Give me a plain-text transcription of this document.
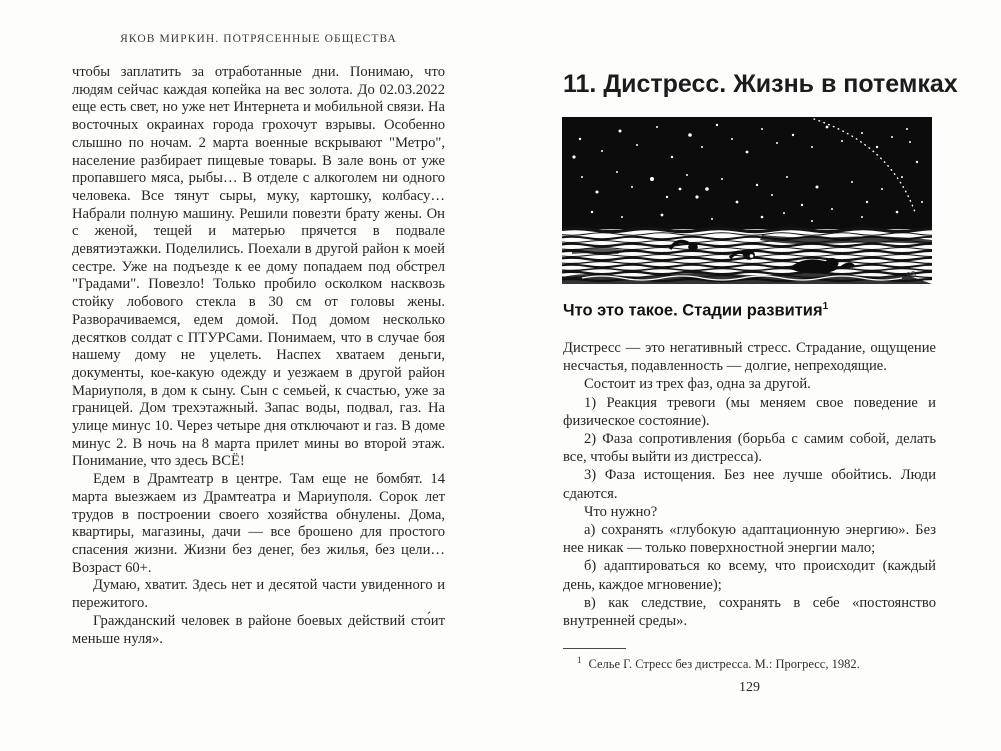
ЯКОВ МИРКИН. ПОТРЯСЕННЫЕ ОБЩЕСТВА

чтобы заплатить за отработанные дни. Понимаю, что людям сейчас каждая копейка на вес золота. До 02.03.2022 еще есть свет, но уже нет Интернета и мобильной связи. На восточных окраинах города грохочут взрывы. Особенно слышно по ночам. 2 марта военные вскрывают "Метро", население разбирает пищевые товары. В зале вонь от уже пропавшего мяса, рыбы… В отделе с алкоголем ни одного человека. Все тянут сыры, муку, картошку, колбасу… Набрали полную машину. Решили повезти брату жены. Он с женой, тещей и матерью прячется в подвале девятиэтажки. Поделились. Поехали в другой район к моей сестре. Уже на подъезде к ее дому попадаем под обстрел "Градами". Повезло! Только пробило осколком насквозь стойку лобового стекла в 30 см от головы жены. Разворачиваемся, едем домой. Под домом несколько десятков солдат с ПТУРСами. Понимаем, что в случае боя нашему дому не уцелеть. Наспех хватаем деньги, документы, кое-какую одежду и уезжаем в другой район Мариуполя, в дом к сыну. Сын с семьей, к счастью, уже за границей. Дом трехэтажный. Запас воды, подвал, газ. На улице минус 10. Через четыре дня отключают и газ. В доме минус 2. В ночь на 8 марта прилет мины во второй этаж. Понимание, что здесь ВСЁ!

Едем в Драмтеатр в центре. Там еще не бомбят. 14 марта выезжаем из Драмтеатра и Мариуполя. Сорок лет трудов в построении своего хозяйства обнулены. Дома, квартиры, магазины, дачи — все брошено для простого спасения жизни. Жизни без денег, без жилья, без цели… Возраст 60+.

Думаю, хватит. Здесь нет и десятой части увиденного и пережитого.

Гражданский человек в районе боевых действий сто́ит меньше нуля».

11. Дистресс. Жизнь в потемках
93
Что это такое. Стадии развития$^1$

Дистресс — это негативный стресс. Страдание, ощущение несчастья, подавленность — долгие, непреходящие.

Состоит из трех фаз, одна за другой.

1) Реакция тревоги (мы меняем свое поведение и физическое состояние).

2) Фаза сопротивления (борьба с самим собой, делать все, чтобы выйти из дистресса).

3) Фаза истощения. Без нее лучше обойтись. Люди сдаются.

Что нужно?

а) сохранять «глубокую адаптационную энергию». Без нее никак — только поверхностной энергии мало;

б) адаптироваться ко всему, что происходит (каждый день, каждое мгновение);

в) как следствие, сохранять в себе «постоянство внутренней среды».

$^1$ Селье Г. Стресс без дистресса. М.: Прогресс, 1982.
129
